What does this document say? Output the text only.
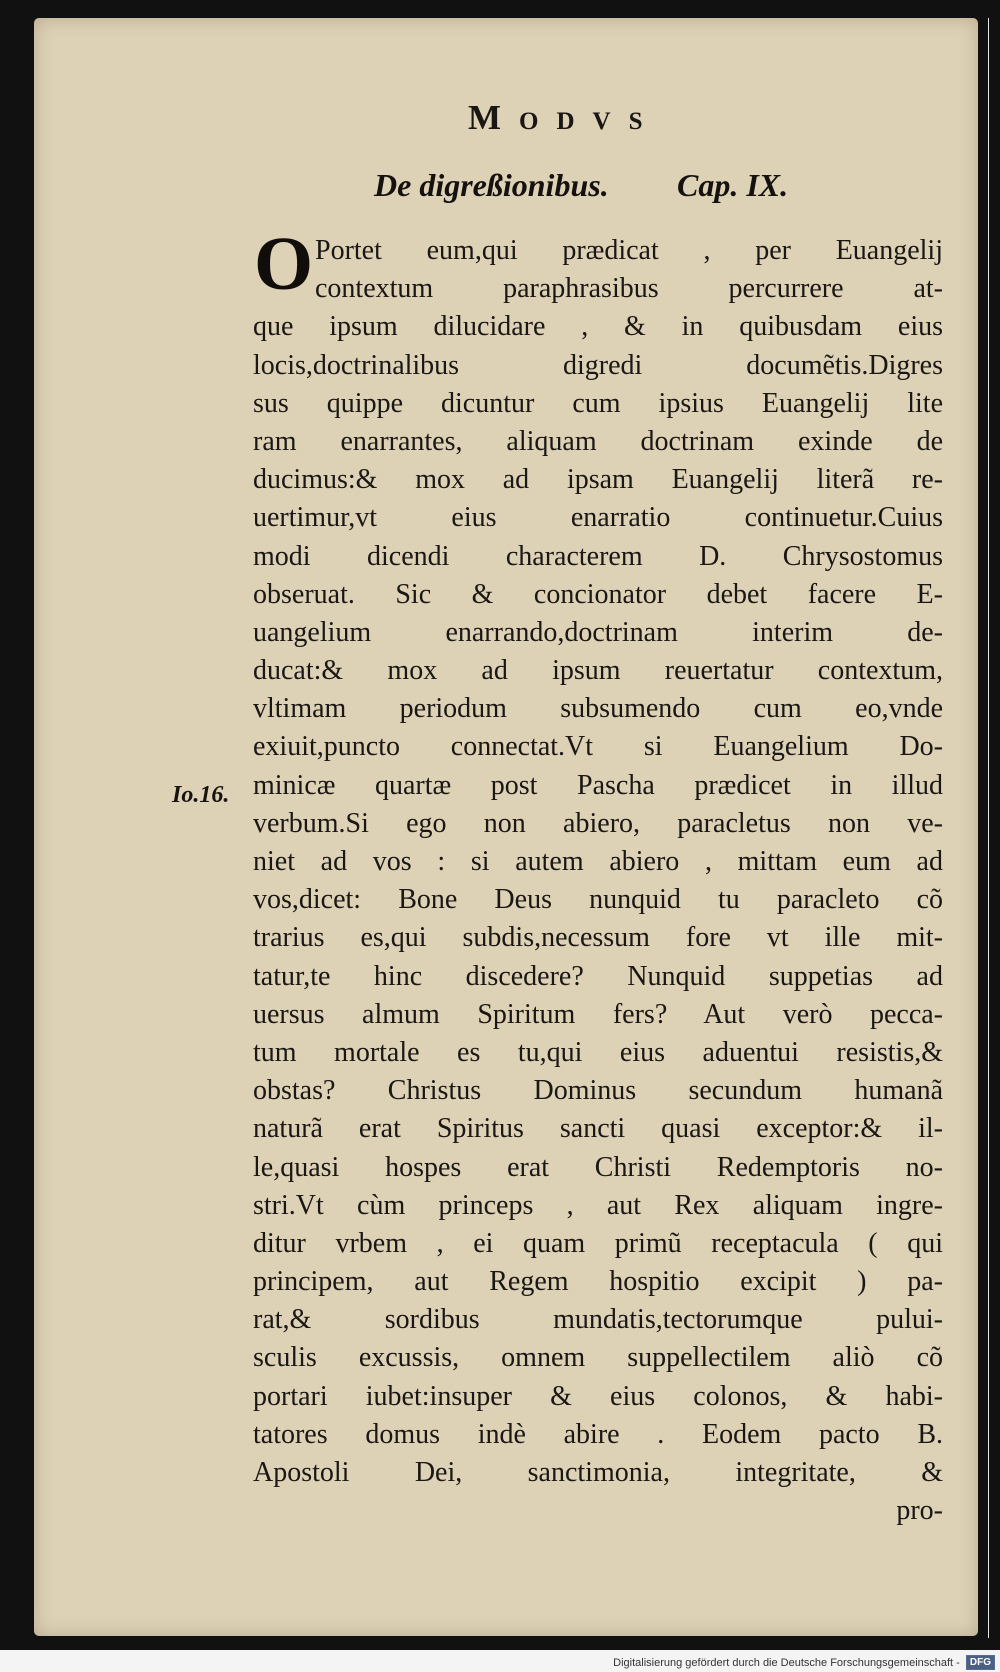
Modvs
De digreßionibus. Cap. IX.
O
Io.16.
Portet eum,qui prædicat , per Euangelij
contextum paraphrasibus percurrere at-
que ipsum dilucidare , & in quibusdam eius
locis,doctrinalibus digredi documẽtis.Digres
sus quippe dicuntur cum ipsius Euangelij lite
ram enarrantes, aliquam doctrinam exinde de
ducimus:& mox ad ipsam Euangelij literã re-
uertimur,vt eius enarratio continuetur.Cuius
modi dicendi characterem D. Chrysostomus
obseruat. Sic & concionator debet facere E-
uangelium enarrando,doctrinam interim de-
ducat:& mox ad ipsum reuertatur contextum,
vltimam periodum subsumendo cum eo,vnde
exiuit,puncto connectat.Vt si Euangelium Do-
minicæ quartæ post Pascha prædicet in illud
verbum.Si ego non abiero, paracletus non ve-
niet ad vos : si autem abiero , mittam eum ad
vos,dicet: Bone Deus nunquid tu paracleto cõ
trarius es,qui subdis,necessum fore vt ille mit-
tatur,te hinc discedere? Nunquid suppetias ad
uersus almum Spiritum fers? Aut verò pecca-
tum mortale es tu,qui eius aduentui resistis,&
obstas? Christus Dominus secundum humanã
naturã erat Spiritus sancti quasi exceptor:& il-
le,quasi hospes erat Christi Redemptoris no-
stri.Vt cùm princeps , aut Rex aliquam ingre-
ditur vrbem , ei quam primũ receptacula ( qui
principem, aut Regem hospitio excipit ) pa-
rat,& sordibus mundatis,tectorumque pului-
sculis excussis, omnem suppellectilem aliò cõ
portari iubet:insuper & eius colonos, & habi-
tatores domus indè abire . Eodem pacto B.
Apostoli Dei, sanctimonia, integritate, &
pro-
Digitalisierung gefördert durch die Deutsche Forschungsgemeinschaft - DFG
